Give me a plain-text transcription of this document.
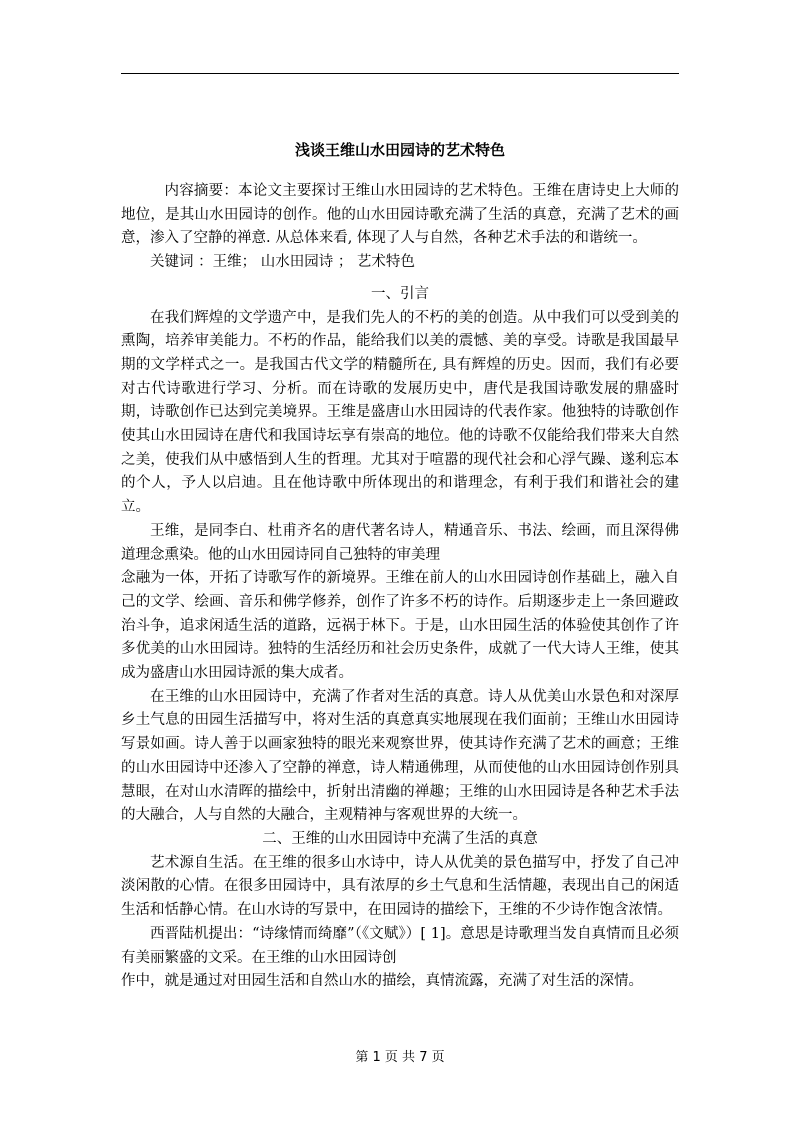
浅谈王维山水田园诗的艺术特色

内容摘要：本论文主要探讨王维山水田园诗的艺术特色。王维在唐诗史上大师的地位，是其山水田园诗的创作。他的山水田园诗歌充满了生活的真意，充满了艺术的画意，渗入了空静的禅意. 从总体来看, 体现了人与自然，各种艺术手法的和谐统一。

关键词 ：王维； 山水田园诗 ； 艺术特色

一、引言

在我们辉煌的文学遗产中，是我们先人的不朽的美的创造。从中我们可以受到美的熏陶，培养审美能力。不朽的作品，能给我们以美的震憾、美的享受。诗歌是我国最早期的文学样式之一。是我国古代文学的精髓所在, 具有辉煌的历史。因而，我们有必要对古代诗歌进行学习、分析。而在诗歌的发展历史中，唐代是我国诗歌发展的鼎盛时期，诗歌创作已达到完美境界。王维是盛唐山水田园诗的代表作家。他独特的诗歌创作使其山水田园诗在唐代和我国诗坛享有崇高的地位。他的诗歌不仅能给我们带来大自然之美，使我们从中感悟到人生的哲理。尤其对于喧嚣的现代社会和心浮气躁、遂利忘本的个人，予人以启迪。且在他诗歌中所体现出的和谐理念，有利于我们和谐社会的建立。

王维，是同李白、杜甫齐名的唐代著名诗人，精通音乐、书法、绘画，而且深得佛道理念熏染。他的山水田园诗同自己独特的审美理

念融为一体，开拓了诗歌写作的新境界。王维在前人的山水田园诗创作基础上，融入自己的文学、绘画、音乐和佛学修养，创作了许多不朽的诗作。后期逐步走上一条回避政治斗争，追求闲适生活的道路，远祸于林下。于是，山水田园生活的体验使其创作了许多优美的山水田园诗。独特的生活经历和社会历史条件，成就了一代大诗人王维，使其成为盛唐山水田园诗派的集大成者。

在王维的山水田园诗中，充满了作者对生活的真意。诗人从优美山水景色和对深厚乡土气息的田园生活描写中，将对生活的真意真实地展现在我们面前；王维山水田园诗写景如画。诗人善于以画家独特的眼光来观察世界，使其诗作充满了艺术的画意；王维的山水田园诗中还渗入了空静的禅意，诗人精通佛理，从而使他的山水田园诗创作别具慧眼，在对山水清晖的描绘中，折射出清幽的禅趣；王维的山水田园诗是各种艺术手法的大融合，人与自然的大融合，主观精神与客观世界的大统一。

二、王维的山水田园诗中充满了生活的真意

艺术源自生活。在王维的很多山水诗中，诗人从优美的景色描写中，抒发了自己冲淡闲散的心情。在很多田园诗中，具有浓厚的乡土气息和生活情趣，表现出自己的闲适生活和恬静心情。在山水诗的写景中，在田园诗的描绘下，王维的不少诗作饱含浓情。

西晋陆机提出：“诗缘情而绮靡”（《文赋》）[ 1]。意思是诗歌理当发自真情而且必须有美丽繁盛的文采。在王维的山水田园诗创

作中，就是通过对田园生活和自然山水的描绘，真情流露，充满了对生活的深情。

第 1 页 共 7 页
